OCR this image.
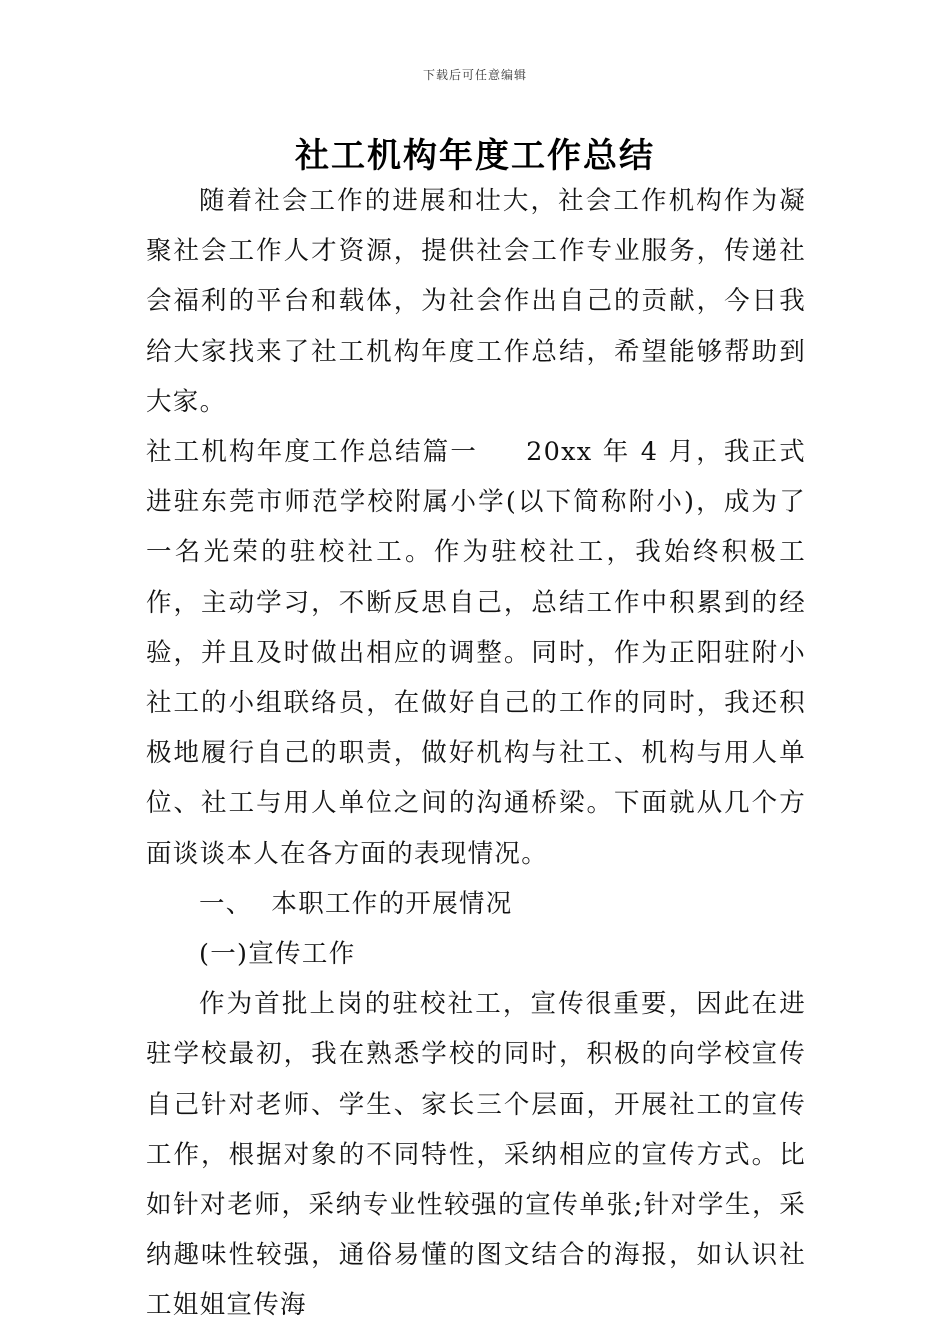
下载后可任意编辑
社工机构年度工作总结

随着社会工作的进展和壮大，社会工作机构作为凝聚社会工作人才资源，提供社会工作专业服务，传递社会福利的平台和载体，为社会作出自己的贡献，今日我给大家找来了社工机构年度工作总结，希望能够帮助到大家。

社工机构年度工作总结篇一 20xx 年 4 月，我正式进驻东莞市师范学校附属小学(以下简称附小)，成为了一名光荣的驻校社工。作为驻校社工，我始终积极工作，主动学习，不断反思自己，总结工作中积累到的经验，并且及时做出相应的调整。同时，作为正阳驻附小社工的小组联络员，在做好自己的工作的同时，我还积极地履行自己的职责，做好机构与社工、机构与用人单位、社工与用人单位之间的沟通桥梁。下面就从几个方面谈谈本人在各方面的表现情况。

一、  本职工作的开展情况

(一)宣传工作

作为首批上岗的驻校社工，宣传很重要，因此在进驻学校最初，我在熟悉学校的同时，积极的向学校宣传自己针对老师、学生、家长三个层面，开展社工的宣传工作，根据对象的不同特性，采纳相应的宣传方式。比如针对老师，采纳专业性较强的宣传单张;针对学生，采纳趣味性较强，通俗易懂的图文结合的海报，如认识社工姐姐宣传海
